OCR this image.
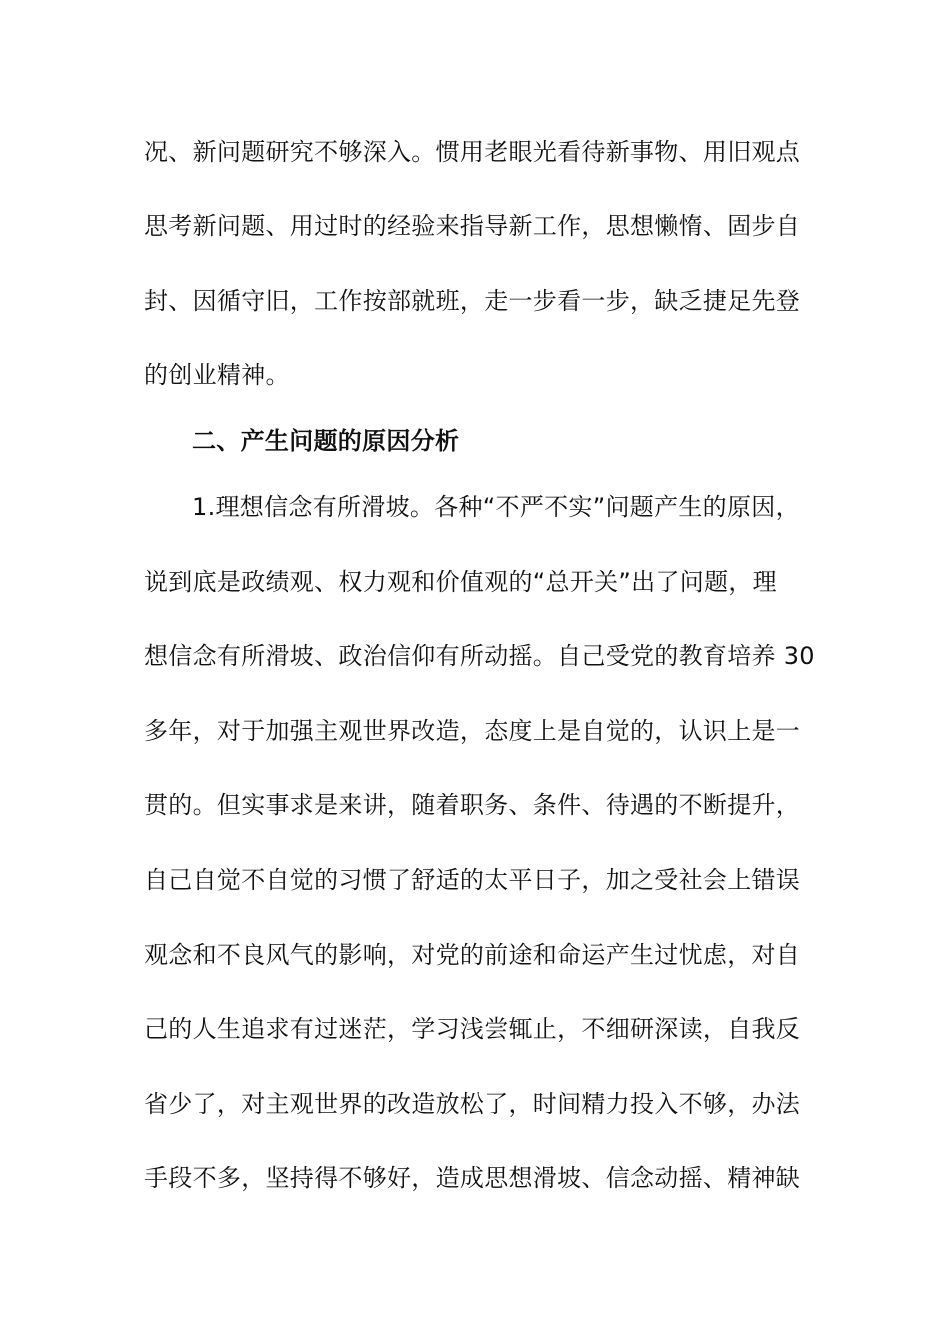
况、新问题研究不够深入。惯用老眼光看待新事物、用旧观点
思考新问题、用过时的经验来指导新工作，思想懒惰、固步自
封、因循守旧，工作按部就班，走一步看一步，缺乏捷足先登
的创业精神。
二、产生问题的原因分析
1.理想信念有所滑坡。各种“不严不实”问题产生的原因，
说到底是政绩观、权力观和价值观的“总开关”出了问题，理
想信念有所滑坡、政治信仰有所动摇。自己受党的教育培养 30
多年，对于加强主观世界改造，态度上是自觉的，认识上是一
贯的。但实事求是来讲，随着职务、条件、待遇的不断提升，
自己自觉不自觉的习惯了舒适的太平日子，加之受社会上错误
观念和不良风气的影响，对党的前途和命运产生过忧虑，对自
己的人生追求有过迷茫，学习浅尝辄止，不细研深读，自我反
省少了，对主观世界的改造放松了，时间精力投入不够，办法
手段不多，坚持得不够好，造成思想滑坡、信念动摇、精神缺
